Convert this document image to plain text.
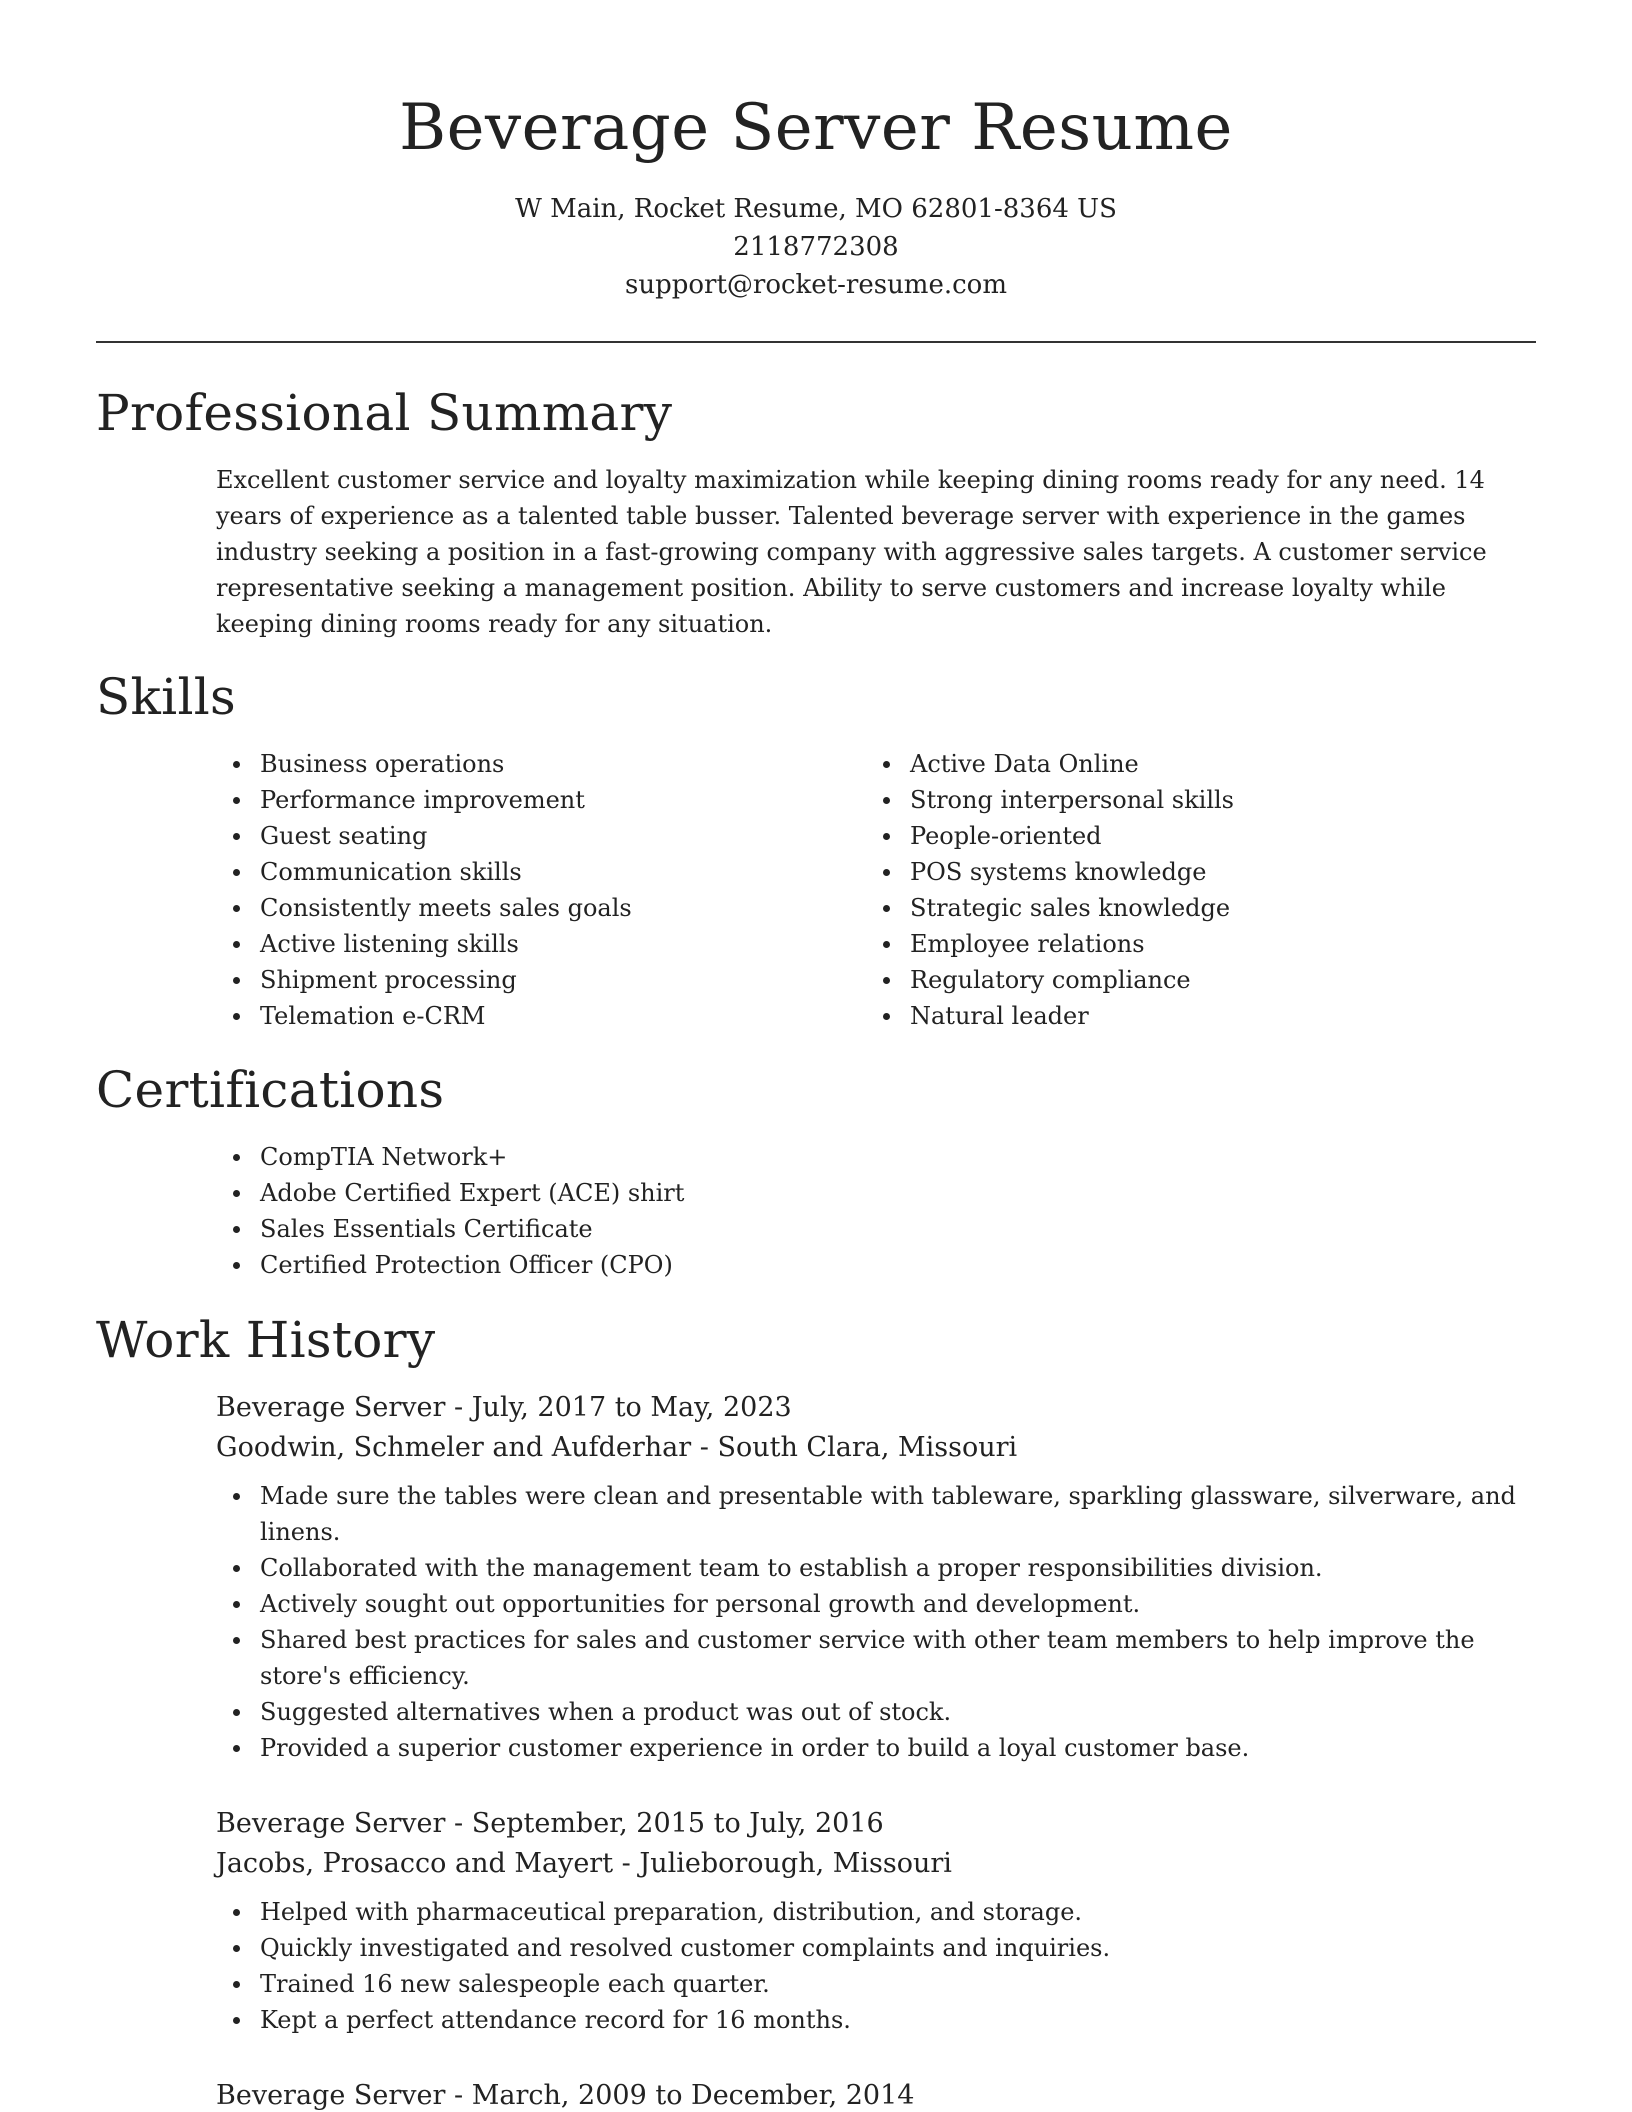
Beverage Server Resume
W Main, Rocket Resume, MO 62801-8364 US
2118772308
support@rocket-resume.com
Professional Summary

Excellent customer service and loyalty maximization while keeping dining rooms ready for any need. 14 years of experience as a talented table busser. Talented beverage server with experience in the games industry seeking a position in a fast-growing company with aggressive sales targets. A customer service representative seeking a management position. Ability to serve customers and increase loyalty while keeping dining rooms ready for any situation.

Skills
Business operations
Performance improvement
Guest seating
Communication skills
Consistently meets sales goals
Active listening skills
Shipment processing
Telemation e-CRM
Active Data Online
Strong interpersonal skills
People-oriented
POS systems knowledge
Strategic sales knowledge
Employee relations
Regulatory compliance
Natural leader
Certifications
CompTIA Network+
Adobe Certified Expert (ACE) shirt
Sales Essentials Certificate
Certified Protection Officer (CPO)
Work History

Beverage Server - July, 2017 to May, 2023

Goodwin, Schmeler and Aufderhar - South Clara, Missouri

Made sure the tables were clean and presentable with tableware, sparkling glassware, silverware, and linens.
Collaborated with the management team to establish a proper responsibilities division.
Actively sought out opportunities for personal growth and development.
Shared best practices for sales and customer service with other team members to help improve the store's efficiency.
Suggested alternatives when a product was out of stock.
Provided a superior customer experience in order to build a loyal customer base.

Beverage Server - September, 2015 to July, 2016

Jacobs, Prosacco and Mayert - Julieborough, Missouri

Helped with pharmaceutical preparation, distribution, and storage.
Quickly investigated and resolved customer complaints and inquiries.
Trained 16 new salespeople each quarter.
Kept a perfect attendance record for 16 months.

Beverage Server - March, 2009 to December, 2014
